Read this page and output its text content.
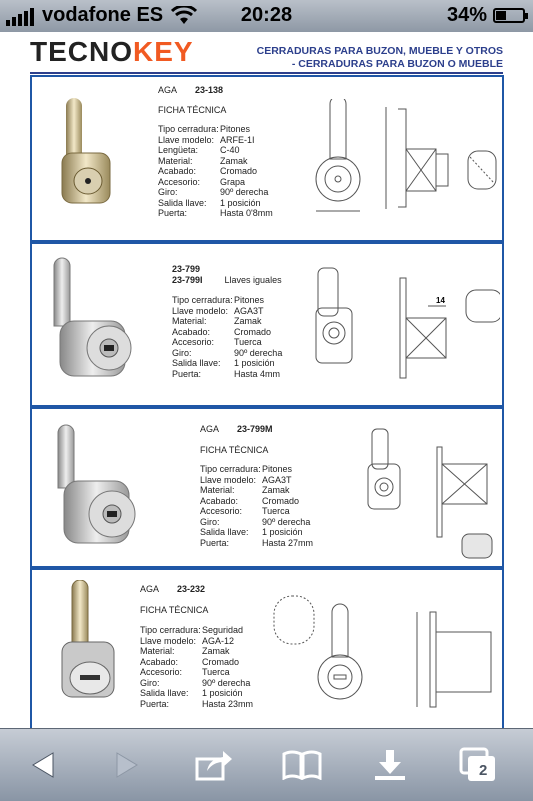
vodafone ES	20:28	34%
TECNOKEY	CERRADURAS PARA BUZON, MUEBLE Y OTROS
- CERRADURAS PARA BUZON O MUEBLE
AGA 23-138
FICHA TÉCNICA
Tipo cerradura: Pitones
Llave modelo: ARFE-1I
Lengüeta:	C-40
Material:	Zamak
Acabado:	Cromado
Accesorio:	Grapa
Giro:	90º derecha
Salida llave:	1 posición
Puerta:	Hasta 0'8mm
23-799
23-799I Llaves iguales
Tipo cerradura: Pitones
Llave modelo: AGA3T
Material:	Zamak
Acabado:	Cromado
Accesorio:	Tuerca
Giro:	90º derecha
Salida llave:	1 posición
Puerta:	Hasta 4mm
14
AGA 23-799M
FICHA TÉCNICA
Tipo cerradura: Pitones
Llave modelo: AGA3T
Material:	Zamak
Acabado:	Cromado
Accesorio:	Tuerca
Giro:	90º derecha
Salida llave:	1 posición
Puerta:	Hasta 27mm
AGA 23-232
FICHA TÉCNICA
Tipo cerradura: Seguridad
Llave modelo: AGA-12
Material:	Zamak
Acabado:	Cromado
Accesorio:	Tuerca
Giro:	90º derecha
Salida llave:	1 posición
Puerta:	Hasta 23mm
2
